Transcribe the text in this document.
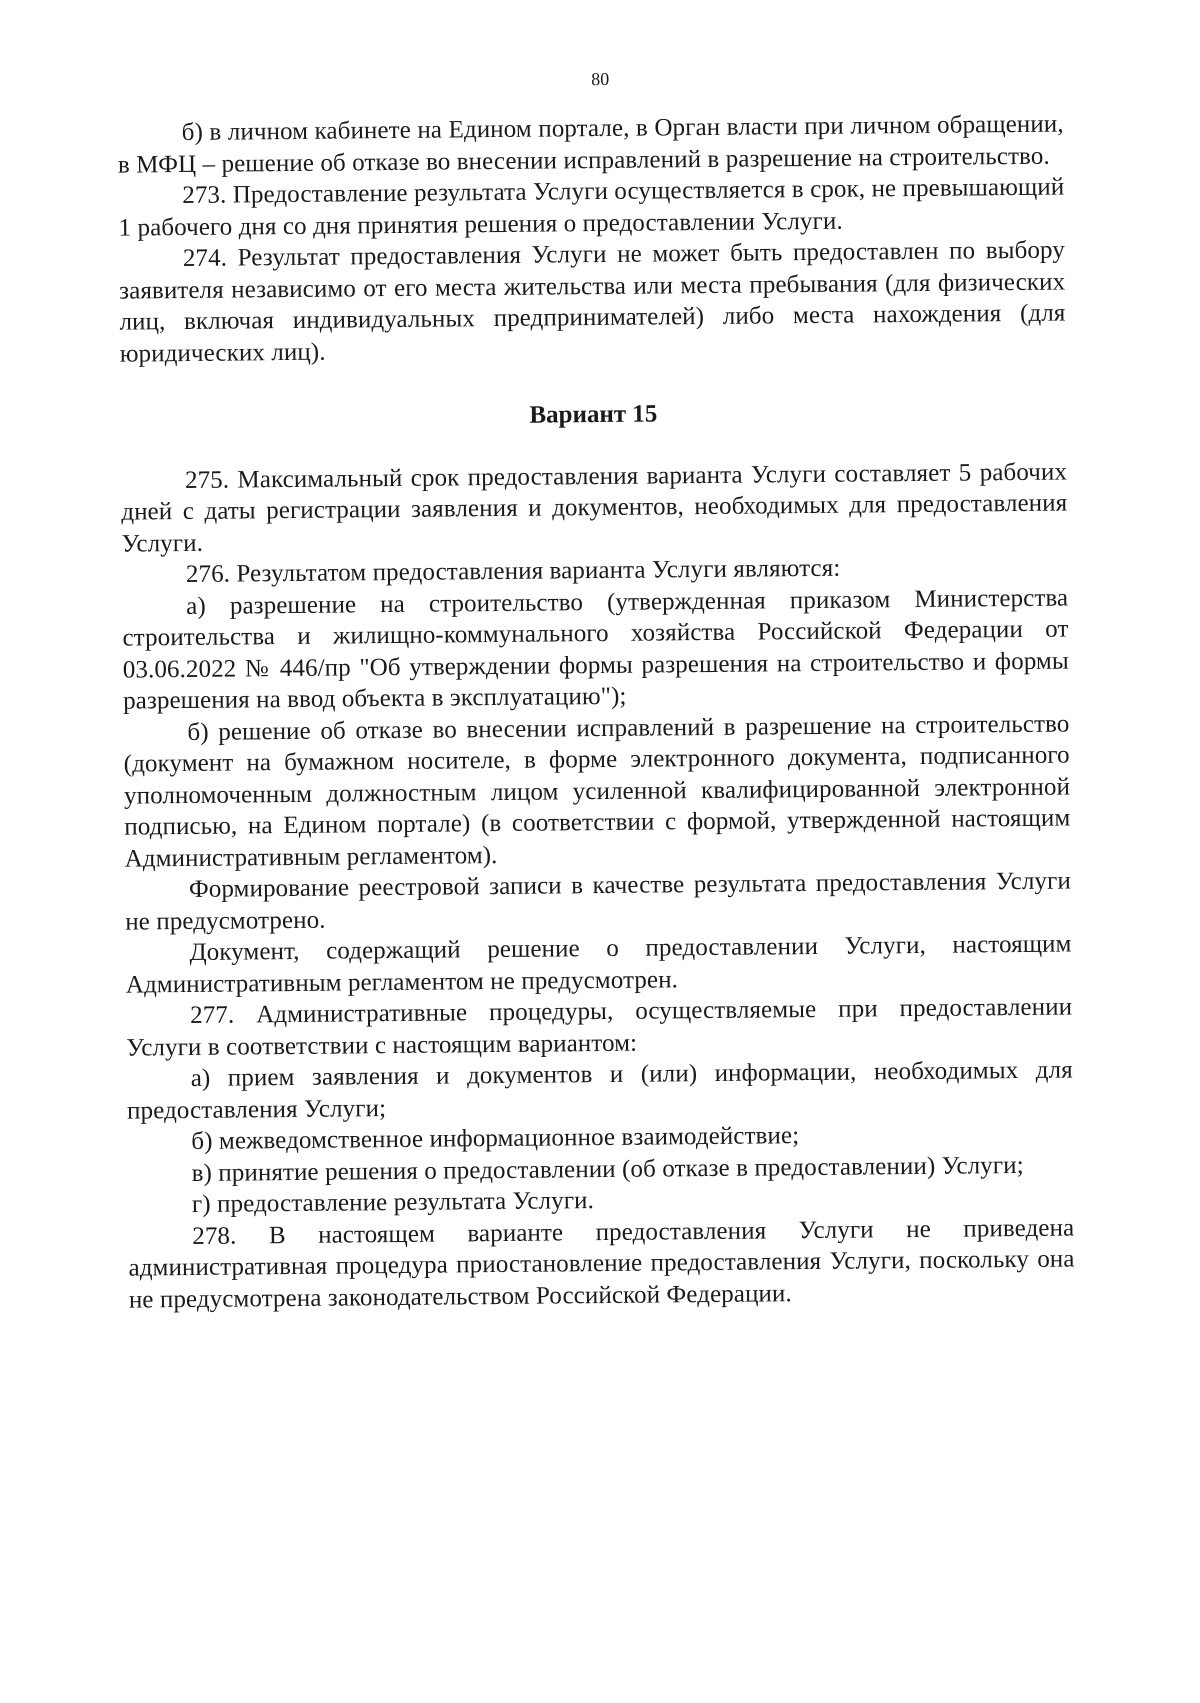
80

б) в личном кабинете на Едином портале, в Орган власти при личном обращении, в МФЦ – решение об отказе во внесении исправлений в разрешение на строительство.

273. Предоставление результата Услуги осуществляется в срок, не превышающий 1 рабочего дня со дня принятия решения о предоставлении Услуги.

274. Результат предоставления Услуги не может быть предоставлен по выбору заявителя независимо от его места жительства или места пребывания (для физических лиц, включая индивидуальных предпринимателей) либо места нахождения (для юридических лиц).

Вариант 15

275. Максимальный срок предоставления варианта Услуги составляет 5 рабочих дней с даты регистрации заявления и документов, необходимых для предоставления Услуги.

276. Результатом предоставления варианта Услуги являются:

а) разрешение на строительство (утвержденная приказом Министерства строительства и жилищно-коммунального хозяйства Российской Федерации от 03.06.2022 № 446/пр "Об утверждении формы разрешения на строительство и формы разрешения на ввод объекта в эксплуатацию");

б) решение об отказе во внесении исправлений в разрешение на строительство (документ на бумажном носителе, в форме электронного документа, подписанного уполномоченным должностным лицом усиленной квалифицированной электронной подписью, на Едином портале) (в соответствии с формой, утвержденной настоящим Административным регламентом).

Формирование реестровой записи в качестве результата предоставления Услуги не предусмотрено.

Документ, содержащий решение о предоставлении Услуги, настоящим Административным регламентом не предусмотрен.

277. Административные процедуры, осуществляемые при предоставлении Услуги в соответствии с настоящим вариантом:

а) прием заявления и документов и (или) информации, необходимых для предоставления Услуги;

б) межведомственное информационное взаимодействие;

в) принятие решения о предоставлении (об отказе в предоставлении) Услуги;

г) предоставление результата Услуги.

278. В настоящем варианте предоставления Услуги не приведена административная процедура приостановление предоставления Услуги, поскольку она не предусмотрена законодательством Российской Федерации.
